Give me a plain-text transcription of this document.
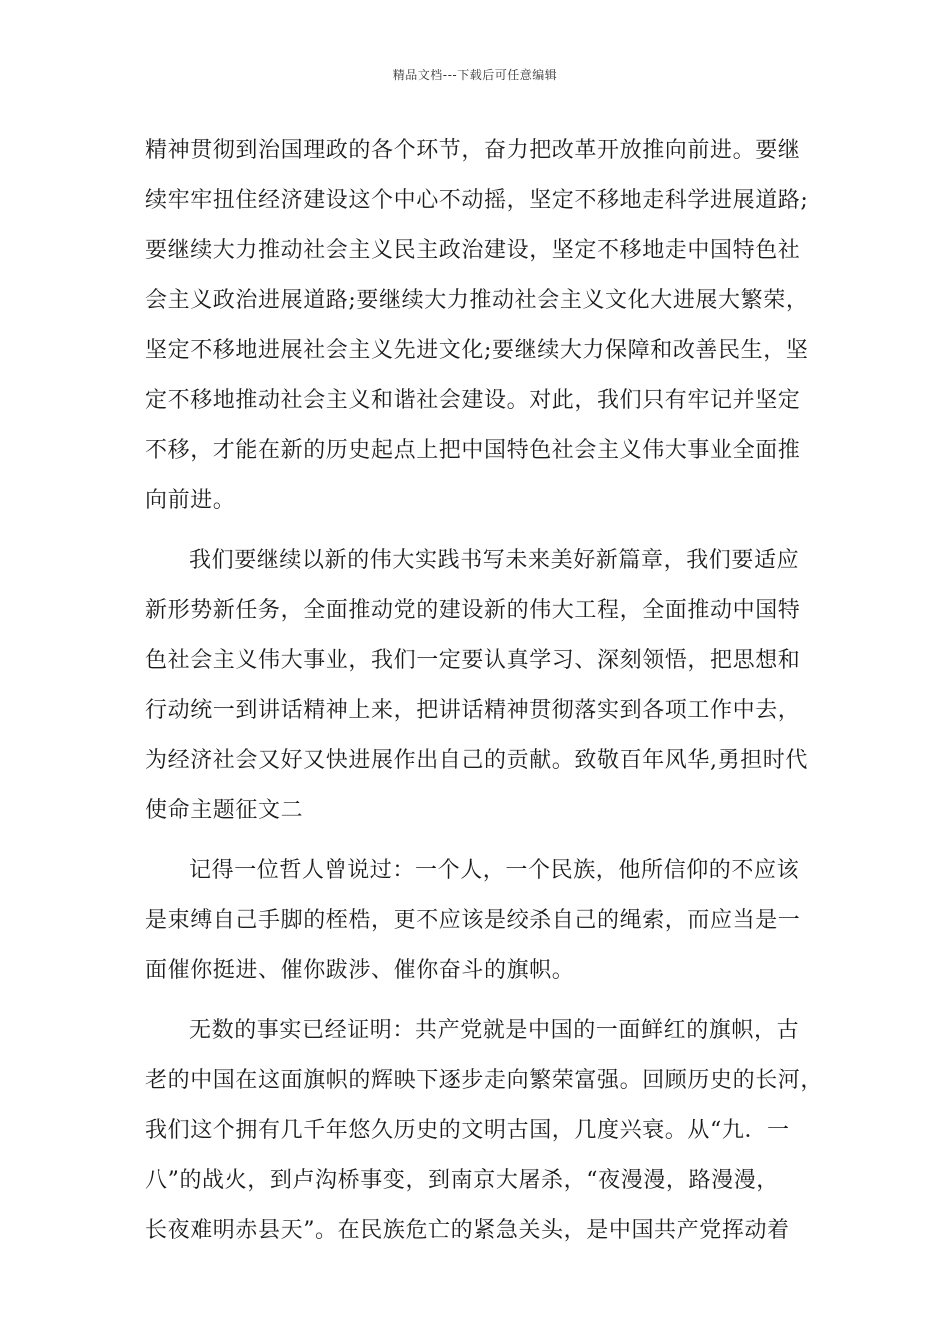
精品文档---下载后可任意编辑
精神贯彻到治国理政的各个环节，奋力把改革开放推向前进。要继
续牢牢扭住经济建设这个中心不动摇，坚定不移地走科学进展道路;
要继续大力推动社会主义民主政治建设，坚定不移地走中国特色社
会主义政治进展道路;要继续大力推动社会主义文化大进展大繁荣，
坚定不移地进展社会主义先进文化;要继续大力保障和改善民生，坚
定不移地推动社会主义和谐社会建设。对此，我们只有牢记并坚定
不移，才能在新的历史起点上把中国特色社会主义伟大事业全面推
向前进。
我们要继续以新的伟大实践书写未来美好新篇章，我们要适应
新形势新任务，全面推动党的建设新的伟大工程，全面推动中国特
色社会主义伟大事业，我们一定要认真学习、深刻领悟，把思想和
行动统一到讲话精神上来，把讲话精神贯彻落实到各项工作中去，
为经济社会又好又快进展作出自己的贡献。致敬百年风华,勇担时代
使命主题征文二
记得一位哲人曾说过：一个人，一个民族，他所信仰的不应该
是束缚自己手脚的桎梏，更不应该是绞杀自己的绳索，而应当是一
面催你挺进、催你跋涉、催你奋斗的旗帜。
无数的事实已经证明：共产党就是中国的一面鲜红的旗帜，古
老的中国在这面旗帜的辉映下逐步走向繁荣富强。回顾历史的长河，
我们这个拥有几千年悠久历史的文明古国，几度兴衰。从“九．一
八”的战火，到卢沟桥事变，到南京大屠杀，“夜漫漫，路漫漫，
长夜难明赤县天”。在民族危亡的紧急关头，是中国共产党挥动着
